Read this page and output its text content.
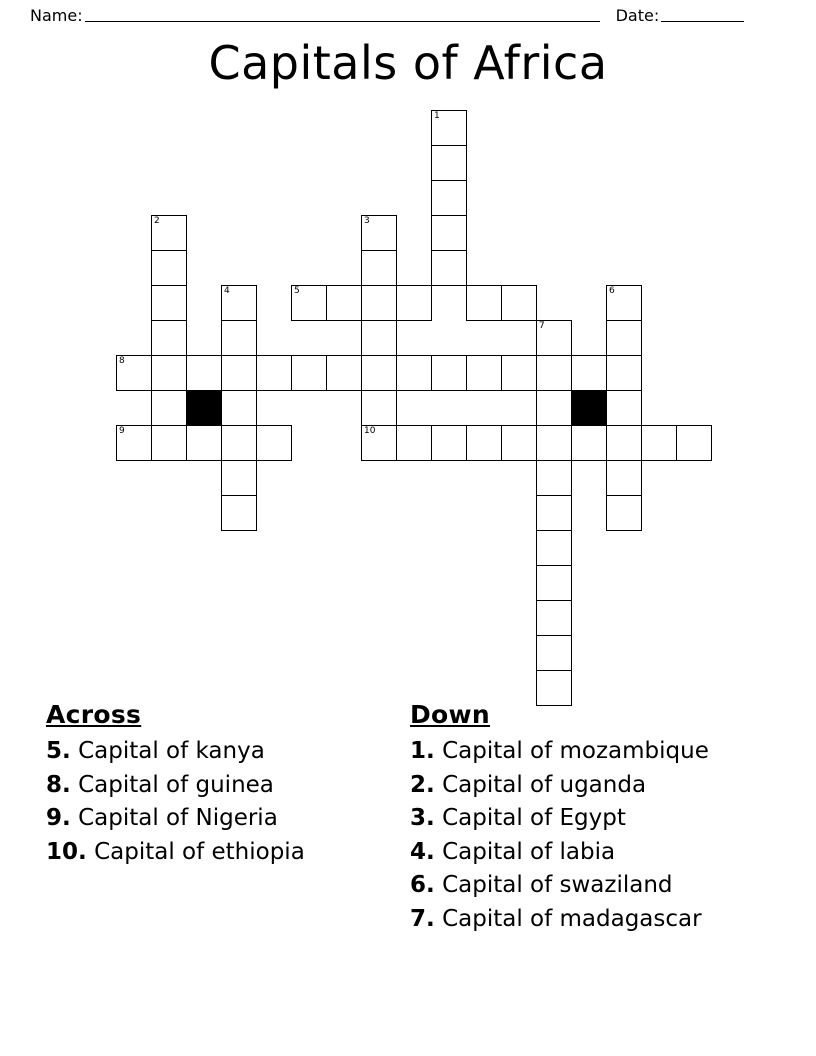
Name:	Date:
Capitals of Africa
1
2	3
4	5	6
7
8
9	10
Across
5. Capital of kanya
8. Capital of guinea
9. Capital of Nigeria
10. Capital of ethiopia
Down
1. Capital of mozambique
2. Capital of uganda
3. Capital of Egypt
4. Capital of labia
6. Capital of swaziland
7. Capital of madagascar
